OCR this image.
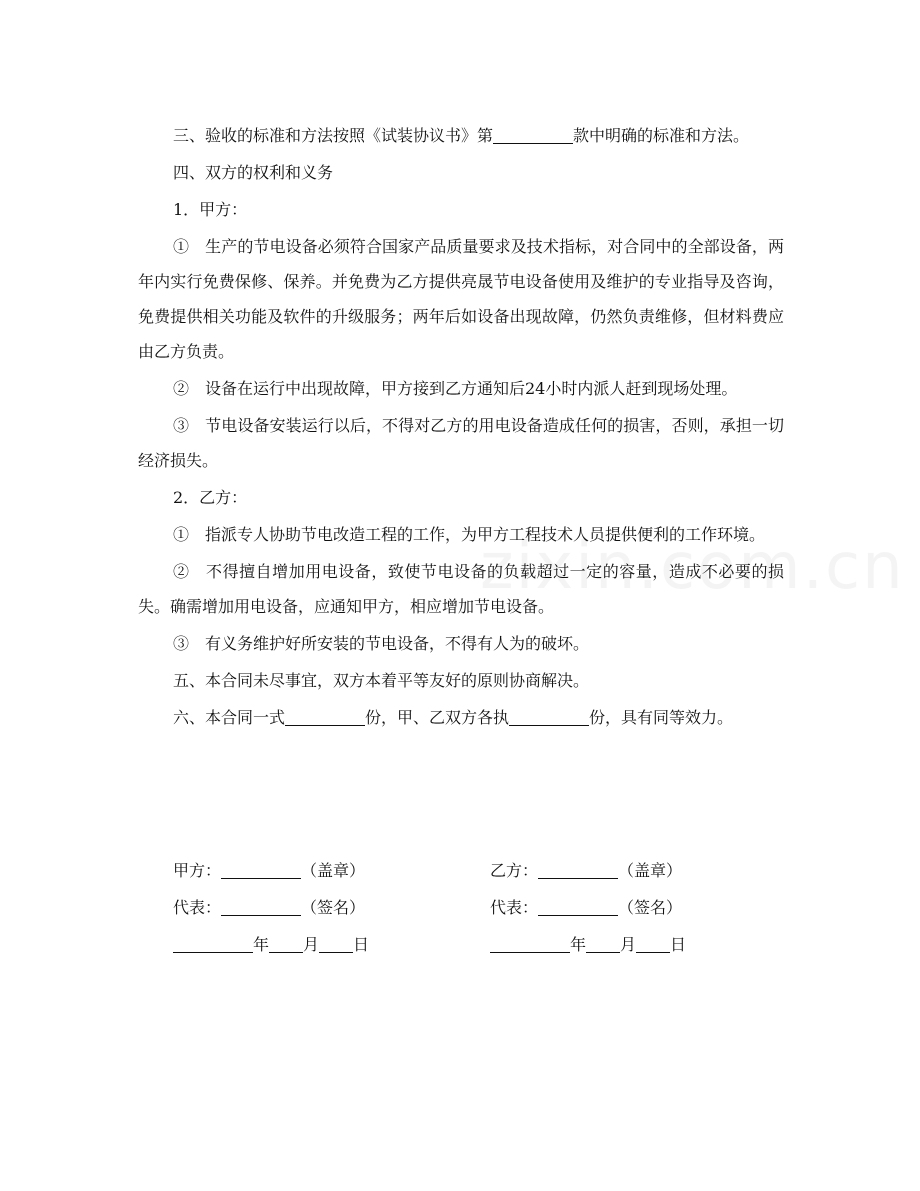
三、验收的标准和方法按照《试装协议书》第	款中明确的标准和方法。

四、双方的权利和义务

1．甲方：

①　生产的节电设备必须符合国家产品质量要求及技术指标，对合同中的全部设备，两年内实行免费保修、保养。并免费为乙方提供亮晟节电设备使用及维护的专业指导及咨询，免费提供相关功能及软件的升级服务；两年后如设备出现故障，仍然负责维修，但材料费应由乙方负责。

②　设备在运行中出现故障，甲方接到乙方通知后24小时内派人赶到现场处理。

③　节电设备安装运行以后，不得对乙方的用电设备造成任何的损害，否则，承担一切经济损失。

2．乙方：

①　指派专人协助节电改造工程的工作，为甲方工程技术人员提供便利的工作环境。

②　不得擅自增加用电设备，致使节电设备的负载超过一定的容量，造成不必要的损失。确需增加用电设备，应通知甲方，相应增加节电设备。

③　有义务维护好所安装的节电设备，不得有人为的破坏。

五、本合同未尽事宜，双方本着平等友好的原则协商解决。

六、本合同一式	份，甲、乙双方各执	份，具有同等效力。

甲方：	（盖章）	乙方：	（盖章）
代表：	（签名）	代表：	（签名）
年 月 日	年 月 日
